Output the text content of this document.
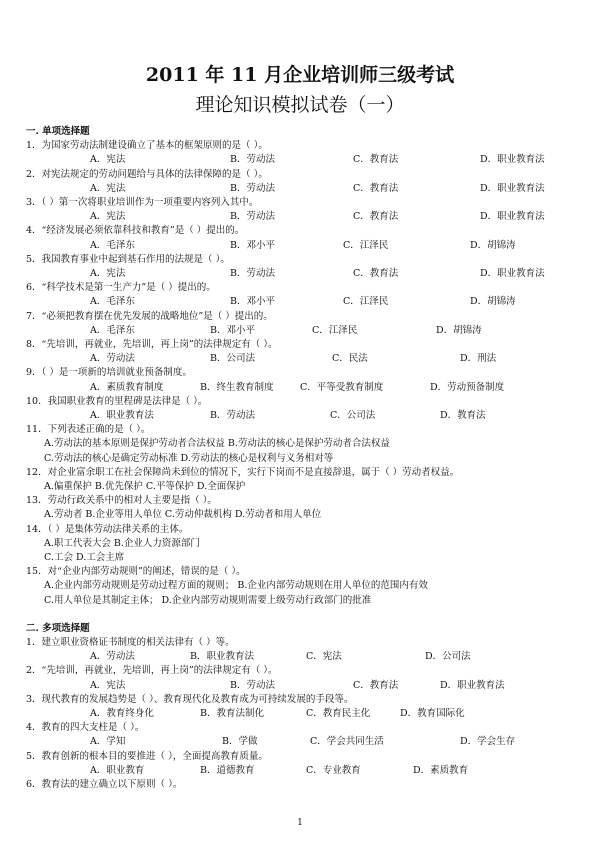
2011 年 11 月企业培训师三级考试
理论知识模拟试卷（一）
一. 单项选择题
1．为国家劳动法制建设确立了基本的框架原则的是（ ）。
A．宪法	B．劳动法	C．教育法	D．职业教育法
2．对宪法规定的劳动问题给与具体的法律保障的是（ ）。
A．宪法	B．劳动法	C．教育法	D．职业教育法
3．（ ）第一次将职业培训作为一项重要内容列入其中。
A．宪法	B．劳动法	C．教育法	D．职业教育法
4．“经济发展必须依靠科技和教育”是（ ）提出的。
A．毛泽东	B．邓小平	C．江泽民	D．胡锦涛
5．我国教育事业中起到基石作用的法规是（ ）。
A．宪法	B．劳动法	C．教育法	D．职业教育法
6．“科学技术是第一生产力”是（ ）提出的。
A．毛泽东	B．邓小平	C．江泽民	D．胡锦涛
7．“必须把教育摆在优先发展的战略地位”是（ ）提出的。
A．毛泽东	B．邓小平	C．江泽民	D．胡锦涛
8．“先培训，再就业，先培训，再上岗”的法律规定有（ ）。
A．劳动法	B．公司法	C．民法	D．刑法
9．（ ）是一项新的培训就业预备制度。
A．素质教育制度	B．终生教育制度	C．平等受教育制度	D．劳动预备制度
10．我国职业教育的里程碑是法律是（ ）。
A．职业教育法	B．劳动法	C．公司法	D．教育法
11．下列表述正确的是（ ）。
A.劳动法的基本原则是保护劳动者合法权益 B.劳动法的核心是保护劳动者合法权益
C.劳动法的核心是确定劳动标准 D.劳动法的核心是权利与义务相对等
12．对企业富余职工在社会保障尚未到位的情况下，实行下岗而不是直接辞退，属于（ ）劳动者权益。
A.偏重保护 B.优先保护 C.平等保护 D.全面保护
13．劳动行政关系中的相对人主要是指（ ）。
A.劳动者 B.企业等用人单位 C.劳动仲裁机构 D.劳动者和用人单位
14．（ ）是集体劳动法律关系的主体。
A.职工代表大会 B.企业人力资源部门
C.工会 D.工会主席
15．对“企业内部劳动规则”的阐述，错误的是（ ）。
A.企业内部劳动规则是劳动过程方面的规则； B.企业内部劳动规则在用人单位的范围内有效
C.用人单位是其制定主体； D.企业内部劳动规则需要上级劳动行政部门的批准
二. 多项选择题
1．建立职业资格证书制度的相关法律有（ ）等。
A．劳动法	B．职业教育法	C．宪法	D．公司法
2．“先培训，再就业，先培训，再上岗”的法律规定有（ ）。
A．宪法	B．劳动法	C．教育法	D．职业教育法
3．现代教育的发展趋势是（ ）、教育现代化及教育成为可持续发展的手段等。
A．教育终身化	B．教育法制化	C．教育民主化	D．教育国际化
4．教育的四大支柱是（ ）。
A．学知	B．学做	C．学会共同生活	D．学会生存
5．教育创新的根本目的要推进（ ），全面提高教育质量。
A．职业教育	B．道德教育	C．专业教育	D．素质教育
6．教育法的建立确立以下原则（ ）。
1
